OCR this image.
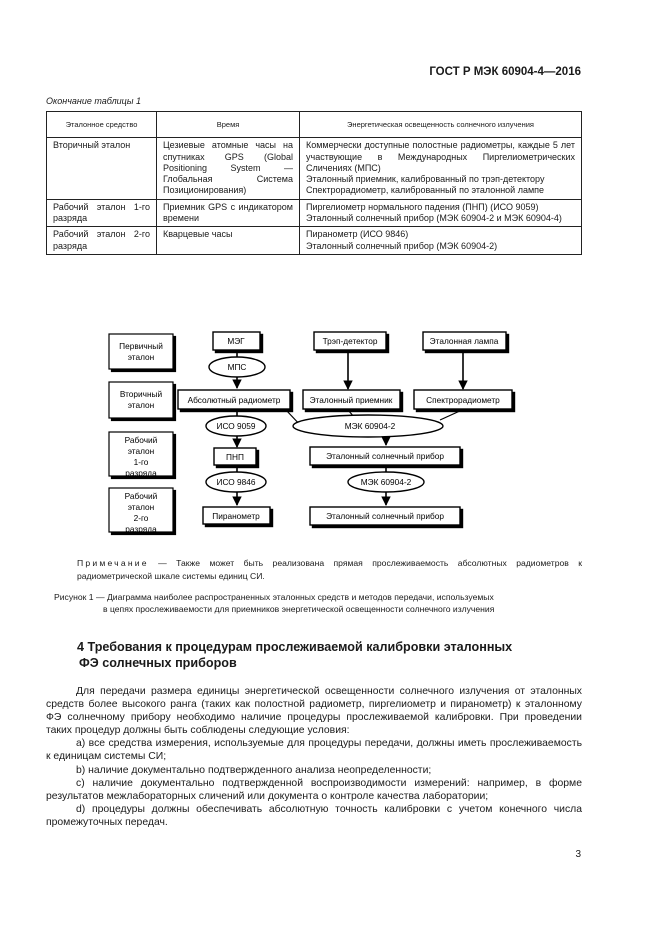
ГОСТ Р МЭК 60904-4—2016
Окончание таблицы 1
Эталонное средство	Время	Энергетическая освещенность солнечного излучения
Вторичный эталон	Цезиевые атомные часы на спутниках GPS (Global Positioning System — Глобальная Система Позиционирования)	Коммерчески доступные полостные радиометры, каждые 5 лет участвующие в Международных Пиргелиометрических Сличениях (МПС)
Эталонный приемник, калиброванный по трэп-детектору
Спектрорадиометр, калиброванный по эталонной лампе

Рабочий эталон 1-го разряда	Приемник GPS с индикатором времени	Пиргелиометр нормального падения (ПНП) (ИСО 9059)
Эталонный солнечный прибор (МЭК 60904-2 и МЭК 60904-4)

Рабочий эталон 2-го разряда	Кварцевые часы	Пиранометр (ИСО 9846)
Эталонный солнечный прибор (МЭК 60904-2)
Первичный эталон
Вторичный эталон
Рабочий эталон 1-го разряда
Рабочий эталон 2-го разряда
МЭГ	Трэп-детектор	Эталонная лампа
Абсолютный радиометр	Эталонный приемник	Спектрорадиометр
ПНП	Эталонный солнечный прибор
Пиранометр	Эталонный солнечный прибор
МПС
ИСО 9059	МЭК 60904-2
ИСО 9846	МЭК 60904-2
Примечание — Также может быть реализована прямая прослеживаемость абсолютных радиометров к радиометрической шкале системы единиц СИ.
Рисунок 1 — Диаграмма наиболее распространенных эталонных средств и методов передачи, используемых
в цепях прослеживаемости для приемников энергетической освещенности солнечного излучения
4 Требования к процедурам прослеживаемой калибровки эталонных
ФЭ солнечных приборов

Для передачи размера единицы энергетической освещенности солнечного излучения от эталонных средств более высокого ранга (таких как полостной радиометр, пиргелиометр и пиранометр) к эталонному ФЭ солнечному прибору необходимо наличие процедуры прослеживаемой калибровки. При проведении таких процедур должны быть соблюдены следующие условия:

а) все средства измерения, используемые для процедуры передачи, должны иметь прослеживаемость к единицам системы СИ;

b) наличие документально подтвержденного анализа неопределенности;

c) наличие документально подтвержденной воспроизводимости измерений: например, в форме результатов межлабораторных сличений или документа о контроле качества лаборатории;

d) процедуры должны обеспечивать абсолютную точность калибровки с учетом конечного числа промежуточных передач.

3
